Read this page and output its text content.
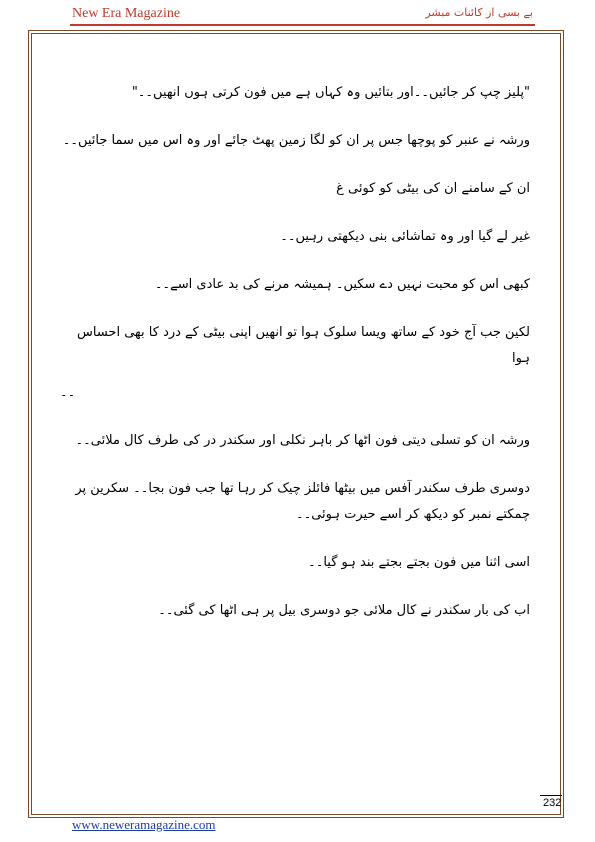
New Era Magazine	بے بسی از کائنات مبشر

"پلیز چپ کر جائیں۔۔اور بتائیں وہ کہاں ہے میں فون کرتی ہوں انھیں۔۔"

ورشہ نے عنبر کو پوچھا جس پر ان کو لگا زمین پھٹ جائے اور وہ اس میں سما جائیں۔۔

ان کے سامنے ان کی بیٹی کو کوئی غ

غیر لے گیا اور وہ تماشائی بنی دیکھتی رہیں۔۔

کبھی اس کو محبت نہیں دے سکیں۔ ہمیشہ مرنے کی بد عادی اسے۔۔

لکین جب آج خود کے ساتھ ویسا سلوک ہوا تو انھیں اپنی بیٹی کے درد کا بھی احساس ہوا

۔۔

ورشہ ان کو تسلی دیتی فون اٹھا کر باہر نکلی اور سکندر در کی طرف کال ملائی۔۔

دوسری طرف سکندر آفس میں بیٹھا فائلز چیک کر رہا تھا جب فون بجا۔۔ سکرین پر چمکتے نمبر کو دیکھ کر اسے حیرت ہوئی۔۔

اسی اثنا میں فون بجتے بجتے بند ہو گیا۔۔

اب کی بار سکندر نے کال ملائی جو دوسری بیل پر ہی اٹھا کی گئی۔۔

232
www.neweramagazine.com
